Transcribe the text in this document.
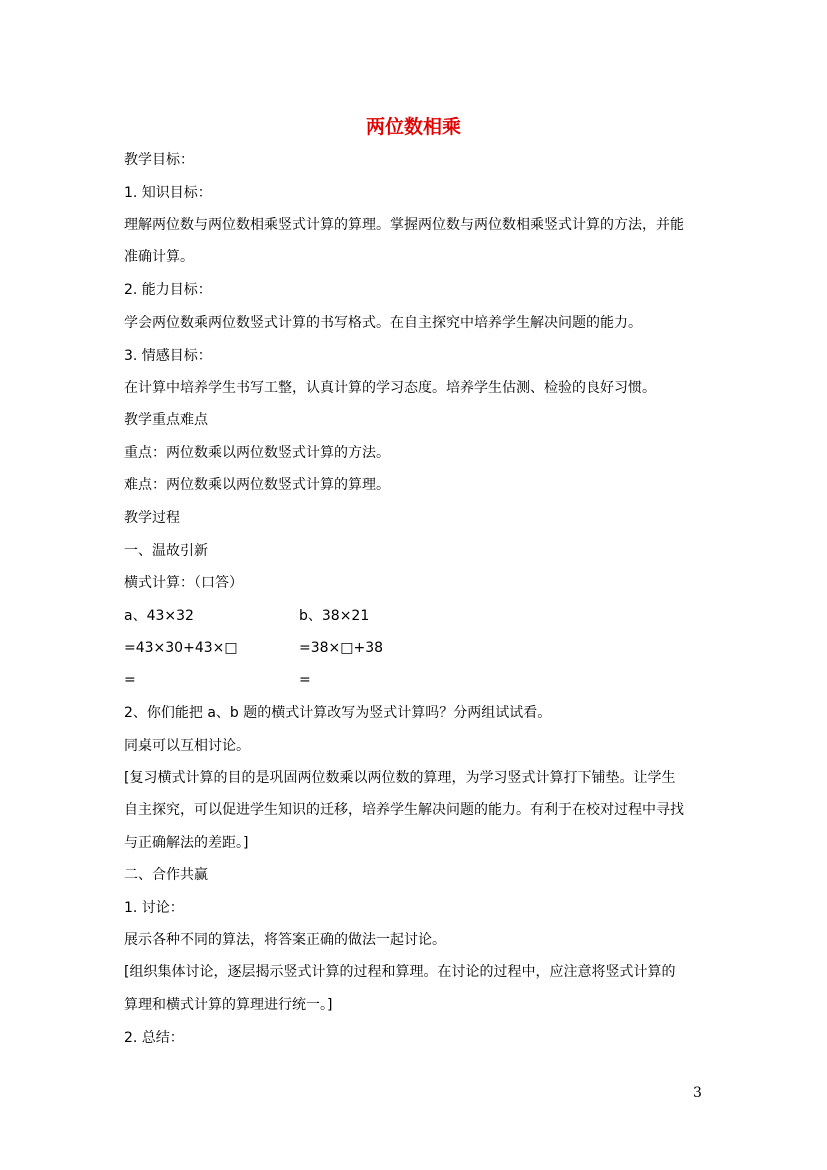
两位数相乘
教学目标：
1. 知识目标：
理解两位数与两位数相乘竖式计算的算理。掌握两位数与两位数相乘竖式计算的方法，并能
准确计算。
2. 能力目标：
学会两位数乘两位数竖式计算的书写格式。在自主探究中培养学生解决问题的能力。
3. 情感目标：
在计算中培养学生书写工整，认真计算的学习态度。培养学生估测、检验的良好习惯。
教学重点难点
重点：两位数乘以两位数竖式计算的方法。
难点：两位数乘以两位数竖式计算的算理。
教学过程
一、温故引新
横式计算：（口答）
a、43×32	b、38×21
=43×30+43×□	=38×□+38
=	=
2、你们能把 a、b 题的横式计算改写为竖式计算吗？分两组试试看。
同桌可以互相讨论。
[复习横式计算的目的是巩固两位数乘以两位数的算理，为学习竖式计算打下铺垫。让学生
自主探究，可以促进学生知识的迁移，培养学生解决问题的能力。有利于在校对过程中寻找
与正确解法的差距。]
二、合作共赢
1. 讨论：
展示各种不同的算法，将答案正确的做法一起讨论。
[组织集体讨论，逐层揭示竖式计算的过程和算理。在讨论的过程中，应注意将竖式计算的
算理和横式计算的算理进行统一。]
2. 总结：
3
